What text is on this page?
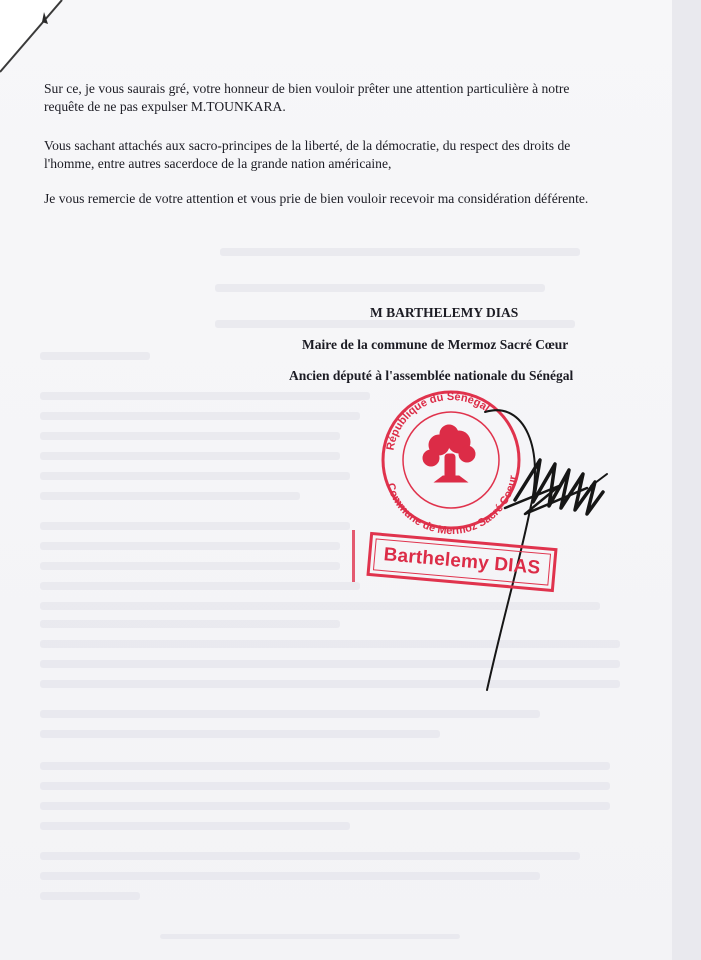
Sur ce, je vous saurais gré, votre honneur de bien vouloir prêter une attention particulière à notre requête de ne pas expulser M.TOUNKARA.

Vous sachant attachés aux sacro-principes de la liberté, de la démocratie, du respect des droits de l'homme, entre autres sacerdoce de la grande nation américaine,

Je vous remercie de votre attention et vous prie de bien vouloir recevoir ma considération déférente.

M BARTHELEMY DIAS

Maire de la commune de Mermoz Sacré Cœur

Ancien député à l'assemblée nationale du Sénégal

République du Sénégal
Commune de Mermoz Sacré Coeur
Barthelemy DIAS
